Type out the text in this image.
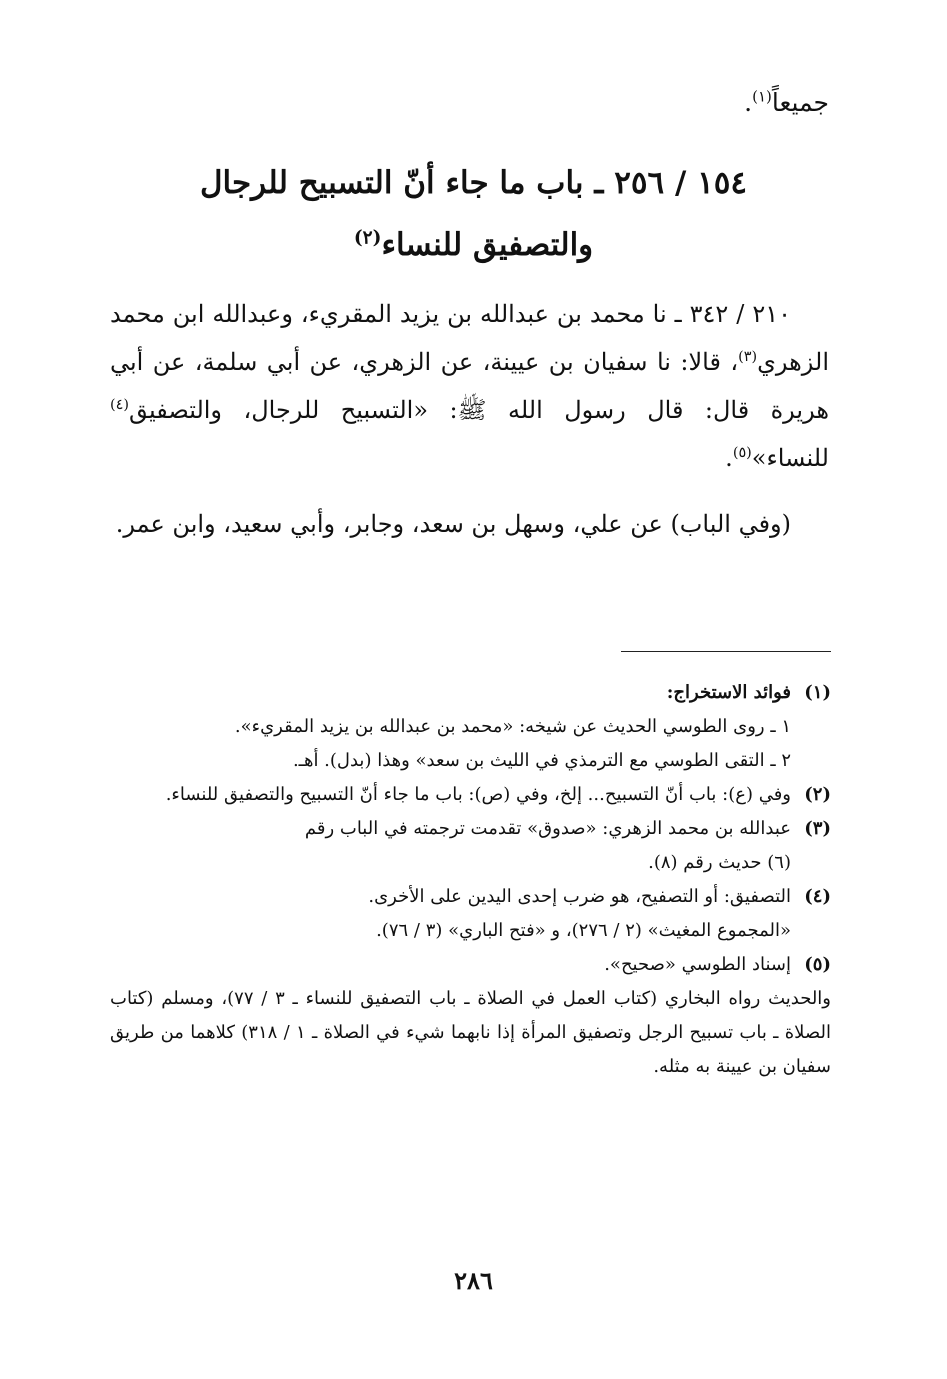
جميعاً$^{(١)}$.
١٥٤ / ٢٥٦ ـ باب ما جاء أنّ التسبيح للرجال
والتصفيق للنساء$^{(٢)}$

٢١٠ / ٣٤٢ ـ نا محمد بن عبدالله بن يزيد المقريء، وعبدالله ابن محمد الزهري$^{(٣)}$، قالا: نا سفيان بن عيينة، عن الزهري، عن أبي سلمة، عن أبي هريرة قال: قال رسول الله ﷺ: «التسبيح للرجال، والتصفيق$^{(٤)}$ للنساء»$^{(٥)}$.

(وفي الباب) عن علي، وسهل بن سعد، وجابر، وأبي سعيد، وابن عمر.

(١)فوائد الاستخراج:
١ ـ روى الطوسي الحديث عن شيخه: «محمد بن عبدالله بن يزيد المقريء».
٢ ـ التقى الطوسي مع الترمذي في الليث بن سعد» وهذا (بدل). أهـ.
(٢)
وفي (ع): باب أنّ التسبيح... إلخ، وفي (ص): باب ما جاء أنّ التسبيح والتصفيق للنساء.
(٣)عبدالله بن محمد الزهري: «صدوق» تقدمت ترجمته في الباب رقم
(٦) حديث رقم (٨).
(٤)التصفيق: أو التصفيح، هو ضرب إحدى اليدين على الأخرى.
«المجموع المغيث» (٢ / ٢٧٦)، و «فتح الباري» (٣ / ٧٦).
(٥)إسناد الطوسي «صحيح».
والحديث رواه البخاري (كتاب العمل في الصلاة ـ باب التصفيق للنساء ـ ٣ / ٧٧)، ومسلم (كتاب الصلاة ـ باب تسبيح الرجل وتصفيق المرأة إذا نابهما شيء في الصلاة ـ ١ / ٣١٨) كلاهما من طريق سفيان بن عيينة به مثله.
٢٨٦
